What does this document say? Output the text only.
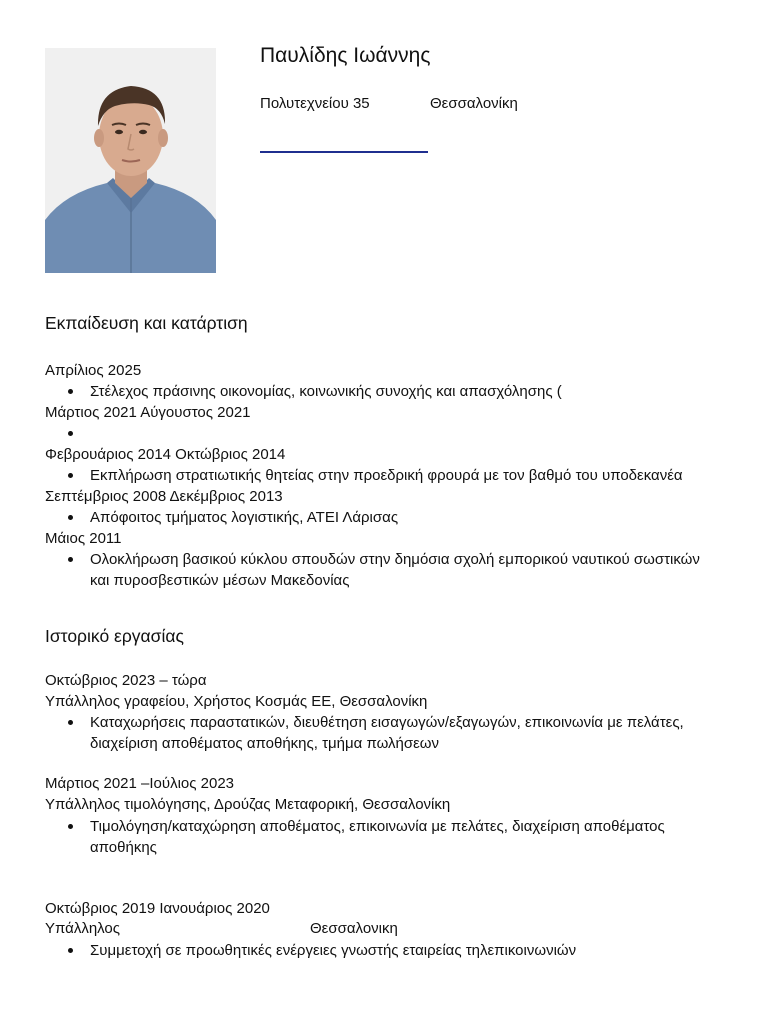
Παυλίδης Ιωάννης
Πολυτεχνείου 35	Θεσσαλονίκη
Εκπαίδευση και κατάρτιση
Απρίλιος 2025
Στέλεχος πράσινης οικονομίας, κοινωνικής συνοχής και απασχόλησης (
Μάρτιος 2021 Αύγουστος 2021
Φεβρουάριος 2014 Οκτώβριος 2014
Εκπλήρωση στρατιωτικής θητείας στην προεδρική φρουρά με τον βαθμό του υποδεκανέα
Σεπτέμβριος 2008 Δεκέμβριος 2013
Απόφοιτος τμήματος λογιστικής, ΑΤΕΙ Λάρισας
Μάιος 2011
Ολοκλήρωση βασικού κύκλου σπουδών στην δημόσια σχολή εμπορικού ναυτικού σωστικών
και πυροσβεστικών μέσων Μακεδονίας
Ιστορικό εργασίας
Οκτώβριος 2023 – τώρα
Υπάλληλος γραφείου, Χρήστος Κοσμάς ΕΕ, Θεσσαλονίκη
Καταχωρήσεις παραστατικών, διευθέτηση εισαγωγών/εξαγωγών, επικοινωνία με πελάτες,
διαχείριση αποθέματος αποθήκης, τμήμα πωλήσεων
Μάρτιος 2021 –Ιούλιος 2023
Υπάλληλος τιμολόγησης, Δρούζας Μεταφορική, Θεσσαλονίκη
Τιμολόγηση/καταχώρηση αποθέματος, επικοινωνία με πελάτες, διαχείριση αποθέματος
αποθήκης
Οκτώβριος 2019 Ιανουάριος 2020
Υπάλληλος	Θεσσαλονικη
Συμμετοχή σε προωθητικές ενέργειες γνωστής εταιρείας τηλεπικοινωνιών
